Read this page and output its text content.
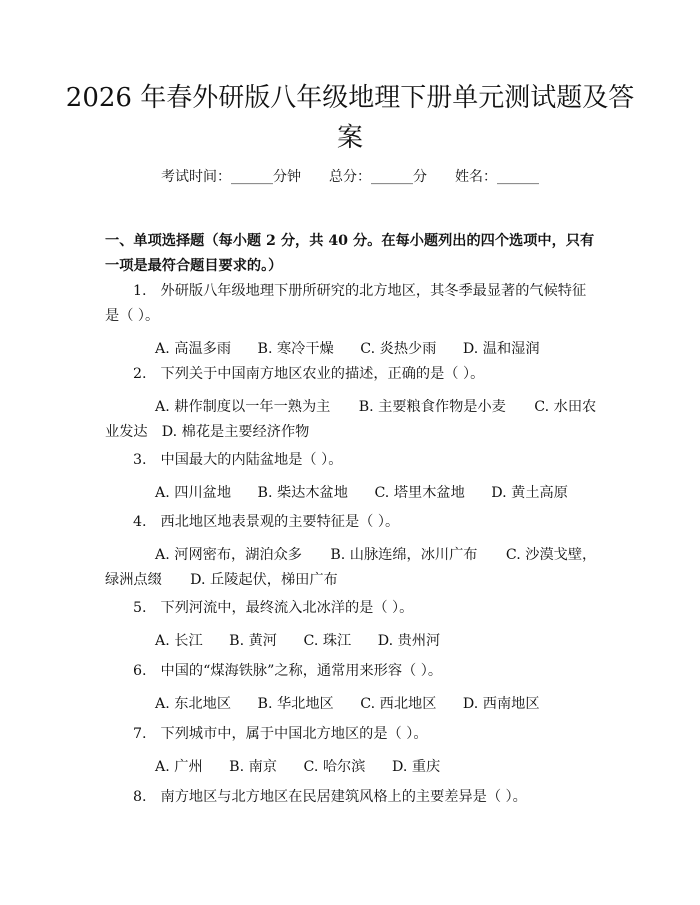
2026 年春外研版八年级地理下册单元测试题及答案
考试时间：______分钟　　总分：______分　　姓名：______

一、单项选择题（每小题 2 分，共 40 分。在每小题列出的四个选项中，只有一项是最符合题目要求的。）

1. 外研版八年级地理下册所研究的北方地区，其冬季最显著的气候特征是（ ）。

A. 高温多雨 B. 寒冷干燥 C. 炎热少雨 D. 温和湿润

2. 下列关于中国南方地区农业的描述，正确的是（ ）。

A. 耕作制度以一年一熟为主　　 B. 主要粮食作物是小麦　　 C. 水田农业发达　 D. 棉花是主要经济作物

3. 中国最大的内陆盆地是（ ）。

A. 四川盆地 B. 柴达木盆地 C. 塔里木盆地 D. 黄土高原

4. 西北地区地表景观的主要特征是（ ）。

A. 河网密布，湖泊众多　　 B. 山脉连绵，冰川广布　　 C. 沙漠戈壁，绿洲点缀　　 D. 丘陵起伏，梯田广布

5. 下列河流中，最终流入北冰洋的是（ ）。

A. 长江 B. 黄河 C. 珠江 D. 贵州河

6. 中国的“煤海铁脉”之称，通常用来形容（ ）。

A. 东北地区 B. 华北地区 C. 西北地区 D. 西南地区

7. 下列城市中，属于中国北方地区的是（ ）。

A. 广州 B. 南京 C. 哈尔滨 D. 重庆

8. 南方地区与北方地区在民居建筑风格上的主要差异是（ ）。
